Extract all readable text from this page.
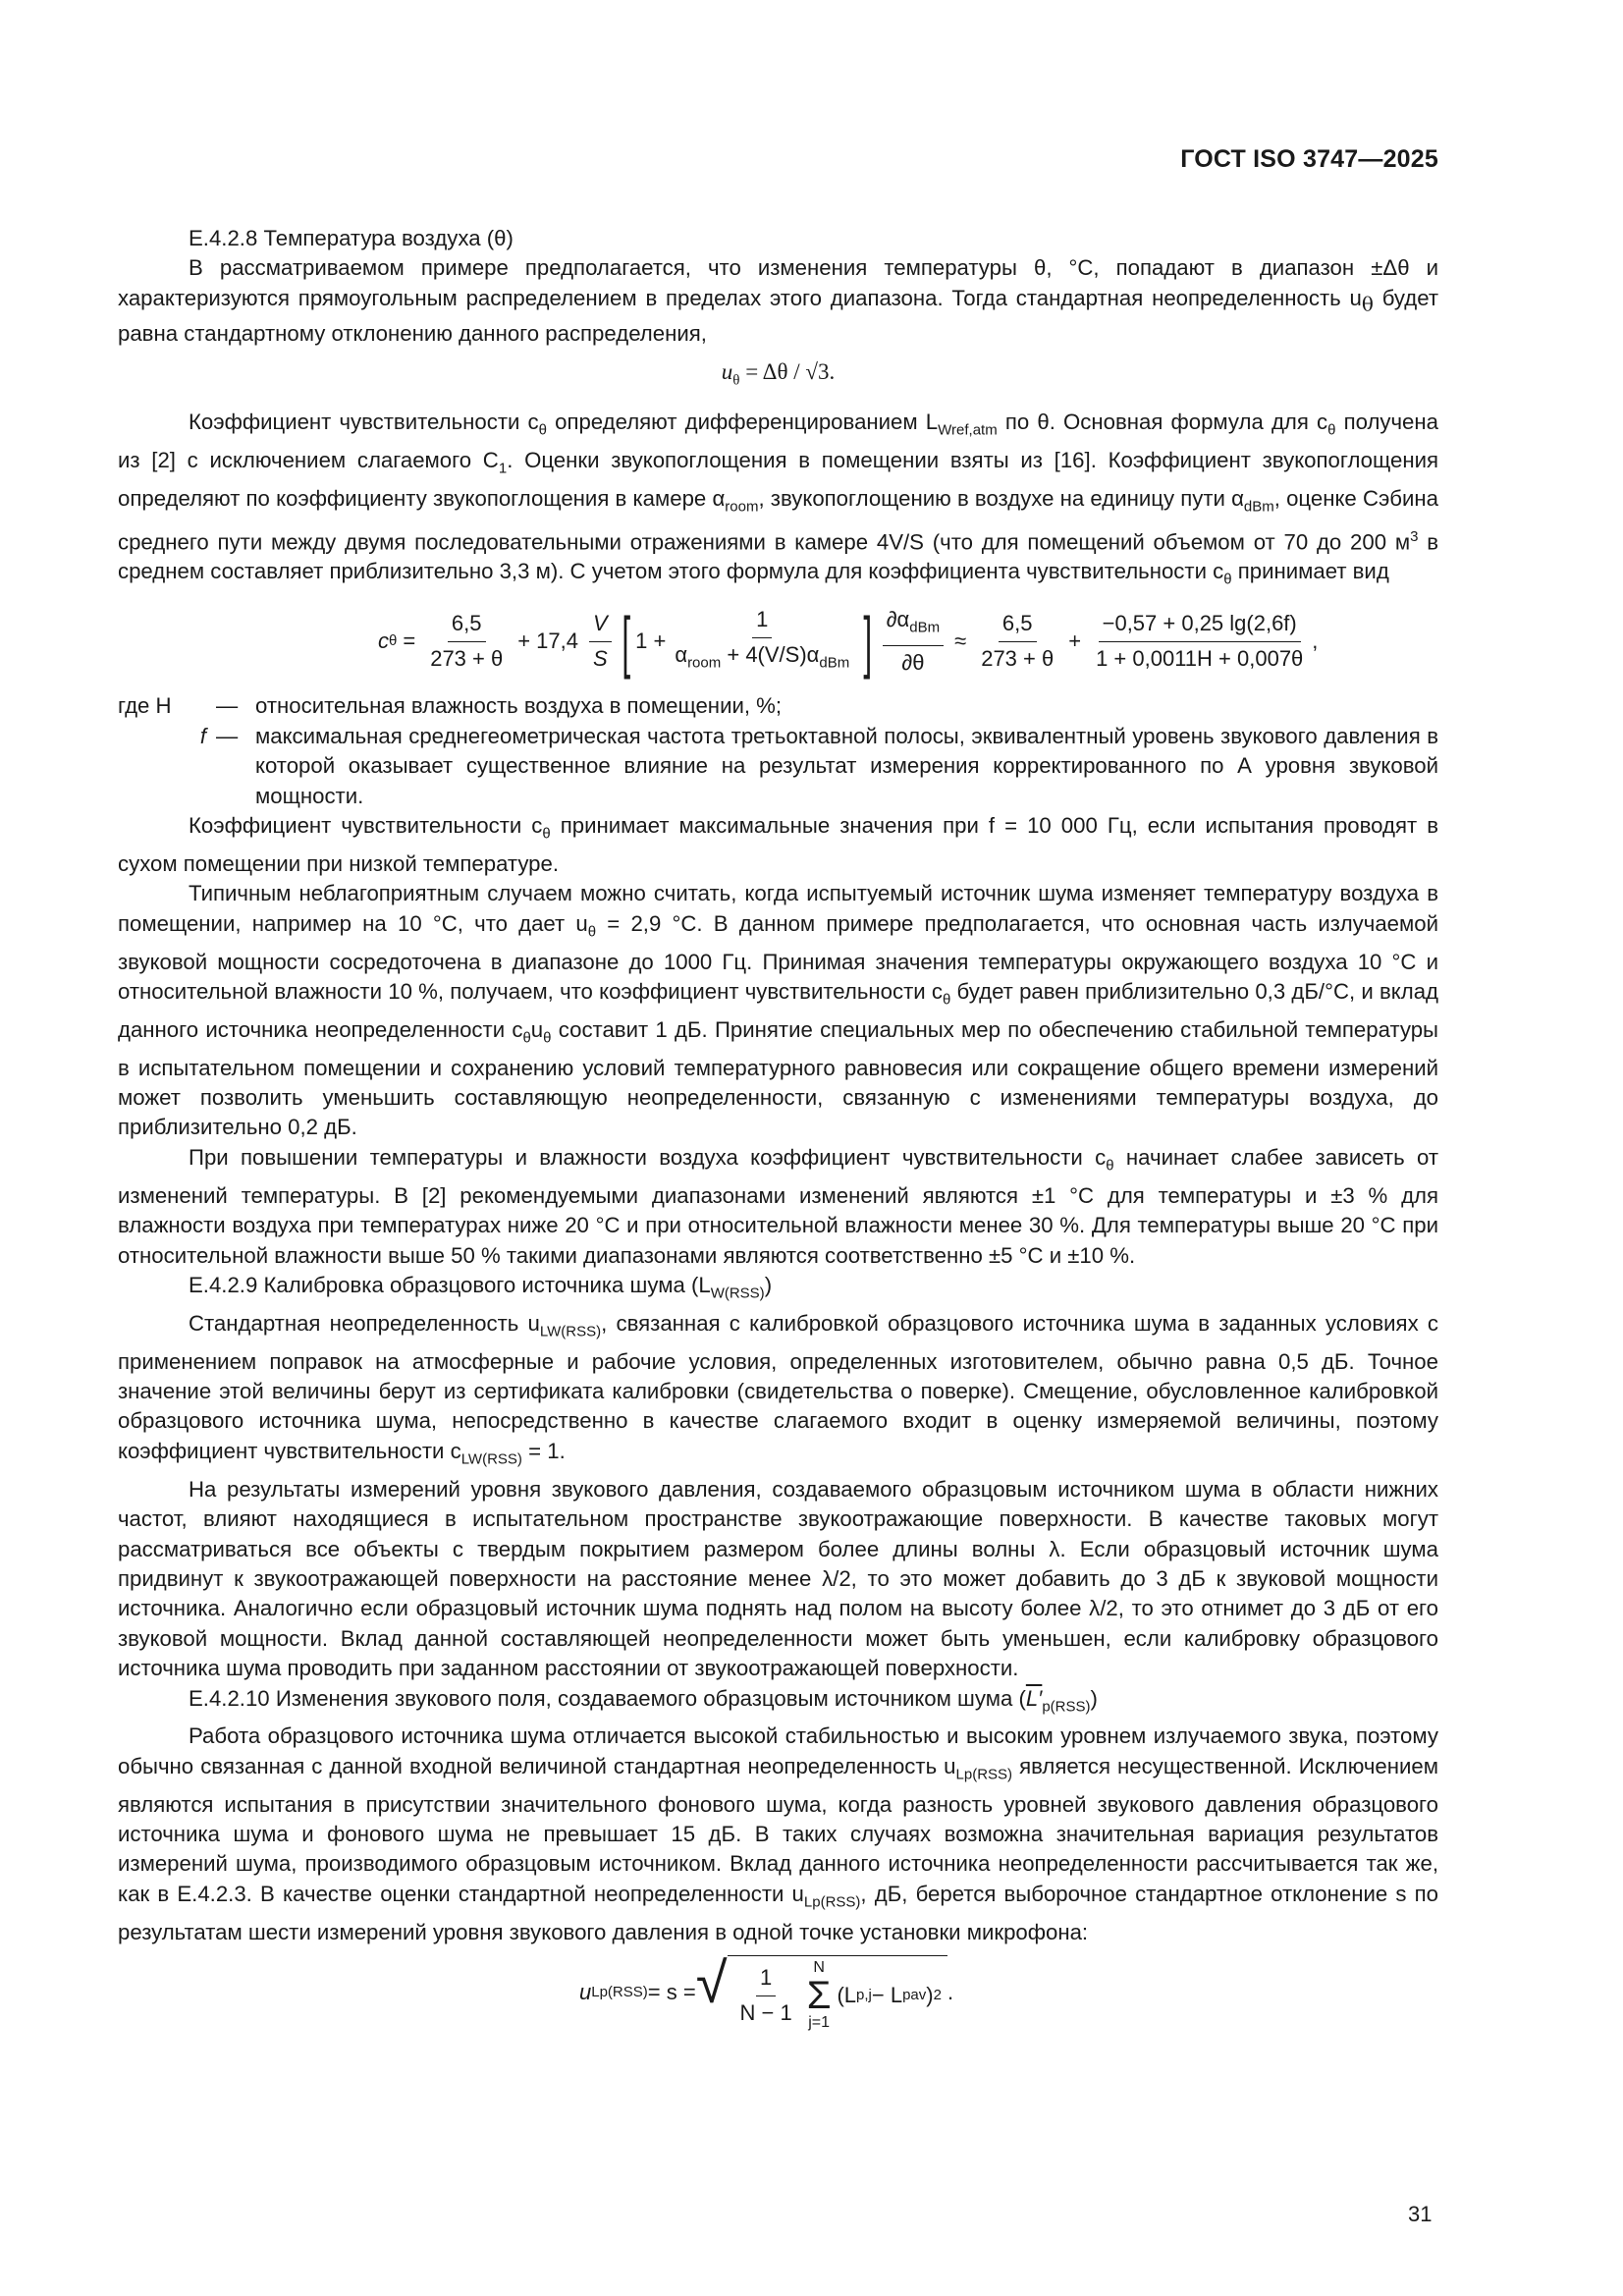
ГОСТ ISO 3747—2025

Е.4.2.8 Температура воздуха (θ)

В рассматриваемом примере предполагается, что изменения температуры θ, °С, попадают в диапазон ±Δθ и характеризуются прямоугольным распределением в пределах этого диапазона. Тогда стандартная неопределенность $u_\theta$ будет равна стандартному отклонению данного распределения,

$u_\theta = \Delta\theta / √3$.

Коэффициент чувствительности $c_\theta$ определяют дифференцированием $L_{Wref,atm}$ по θ. Основная формула для $c_\theta$ получена из [2] с исключением слагаемого $C_1$. Оценки звукопоглощения в помещении взяты из [16]. Коэффициент звукопоглощения определяют по коэффициенту звукопоглощения в камере $\alpha_{room}$, звукопоглощению в воздухе на единицу пути $\alpha_{dBm}$, оценке Сэбина среднего пути между двумя последовательными отражениями в камере 4V/S (что для помещений объемом от 70 до 200 $м^3$ в среднем составляет приблизительно 3,3 м). С учетом этого формула для коэффициента чувствительности $c_\theta$ принимает вид

c $\theta = \frac{6,5}{273 + \theta} + 17,4 \frac{V}{S}$ [ $1 + \frac{1}{\alpha_{room} + 4(V/S)\alpha_{dBm}}$ ] $\frac{\partial\alpha_{dBm}}{\partial\theta} \approx \frac{6,5}{273 + \theta} + \frac{-0,57 + 0,25 \lg(2,6f)}{1 + 0,0011H + 0,007\theta}$ ,
где H	— относительная влажность воздуха в помещении, %;
f — максимальная среднегеометрическая частота третьоктавной полосы, эквивалентный уровень звукового давления в которой оказывает существенное влияние на результат измерения корректированного по А уровня звуковой мощности.

Коэффициент чувствительности $c_\theta$ принимает максимальные значения при f = 10 000 Гц, если испытания проводят в сухом помещении при низкой температуре.

Типичным неблагоприятным случаем можно считать, когда испытуемый источник шума изменяет температуру воздуха в помещении, например на 10 °С, что дает $u_\theta = 2,9$ °С. В данном примере предполагается, что основная часть излучаемой звуковой мощности сосредоточена в диапазоне до 1000 Гц. Принимая значения температуры окружающего воздуха 10 °С и относительной влажности 10 %, получаем, что коэффициент чувствительности $c_\theta$ будет равен приблизительно 0,3 дБ/°С, и вклад данного источника неопределенности $c_\theta u_\theta$ составит 1 дБ. Принятие специальных мер по обеспечению стабильной температуры в испытательном помещении и сохранению условий температурного равновесия или сокращение общего времени измерений может позволить уменьшить составляющую неопределенности, связанную с изменениями температуры воздуха, до приблизительно 0,2 дБ.

При повышении температуры и влажности воздуха коэффициент чувствительности $c_\theta$ начинает слабее зависеть от изменений температуры. В [2] рекомендуемыми диапазонами изменений являются ±1 °С для температуры и ±3 % для влажности воздуха при температурах ниже 20 °С и при относительной влажности менее 30 %. Для температуры выше 20 °С при относительной влажности выше 50 % такими диапазонами являются соответственно ±5 °С и ±10 %.

Е.4.2.9 Калибровка образцового источника шума $(L_{W(RSS)})$

Стандартная неопределенность $u_{LW(RSS)}$, связанная с калибровкой образцового источника шума в заданных условиях с применением поправок на атмосферные и рабочие условия, определенных изготовителем, обычно равна 0,5 дБ. Точное значение этой величины берут из сертификата калибровки (свидетельства о поверке). Смещение, обусловленное калибровкой образцового источника шума, непосредственно в качестве слагаемого входит в оценку измеряемой величины, поэтому коэффициент чувствительности $c_{LW(RSS)} = 1$.

На результаты измерений уровня звукового давления, создаваемого образцовым источником шума в области нижних частот, влияют находящиеся в испытательном пространстве звукоотражающие поверхности. В качестве таковых могут рассматриваться все объекты с твердым покрытием размером более длины волны λ. Если образцовый источник шума придвинут к звукоотражающей поверхности на расстояние менее λ/2, то это может добавить до 3 дБ к звуковой мощности источника. Аналогично если образцовый источник шума поднять над полом на высоту более λ/2, то это отнимет до 3 дБ от его звуковой мощности. Вклад данной составляющей неопределенности может быть уменьшен, если калибровку образцового источника шума проводить при заданном расстоянии от звукоотражающей поверхности.

Е.4.2.10 Изменения звукового поля, создаваемого образцовым источником шума $(L'_{p(RSS)})$

Работа образцового источника шума отличается высокой стабильностью и высоким уровнем излучаемого звука, поэтому обычно связанная с данной входной величиной стандартная неопределенность $u_{Lp(RSS)}$ является несущественной. Исключением являются испытания в присутствии значительного фонового шума, когда разность уровней звукового давления образцового источника шума и фонового шума не превышает 15 дБ. В таких случаях возможна значительная вариация результатов измерений шума, производимого образцовым источником. Вклад данного источника неопределенности рассчитывается так же, как в Е.4.2.3. В качестве оценки стандартной неопределенности $u_{Lp(RSS)}$, дБ, берется выборочное стандартное отклонение s по результатам шести измерений уровня звукового давления в одной точке установки микрофона:

u Lp(RSS) = s = √ $\frac{1}{N - 1}$ N
Σ
j=1
(L p,j − L pav ) 2 .
31
